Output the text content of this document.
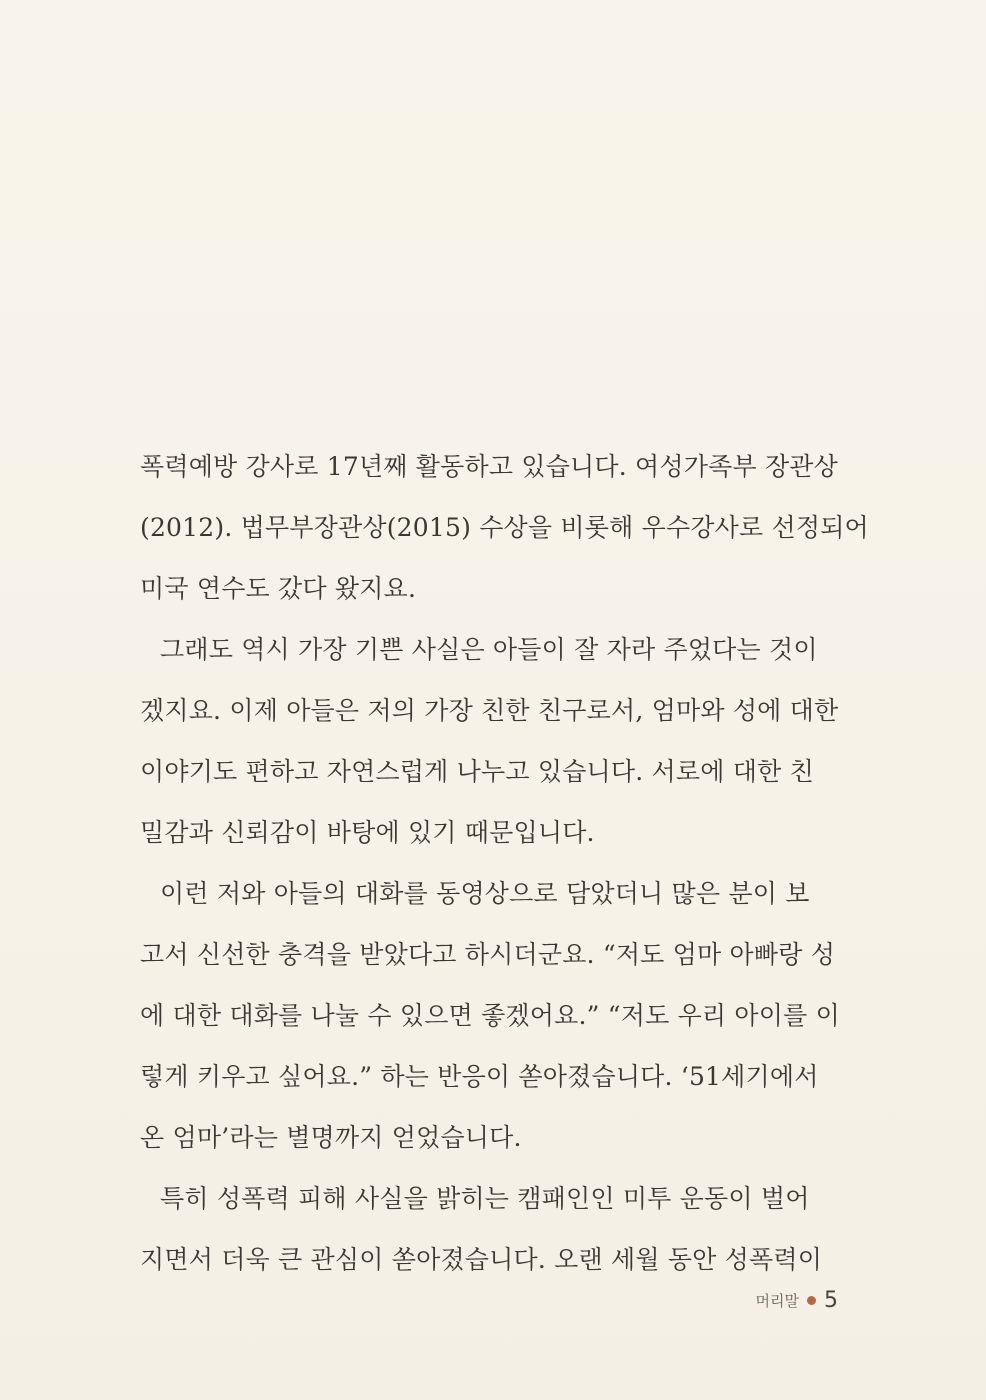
폭력예방 강사로 17년째 활동하고 있습니다. 여성가족부 장관상
(2012). 법무부장관상(2015) 수상을 비롯해 우수강사로 선정되어
미국 연수도 갔다 왔지요.
그래도 역시 가장 기쁜 사실은 아들이 잘 자라 주었다는 것이
겠지요. 이제 아들은 저의 가장 친한 친구로서, 엄마와 성에 대한
이야기도 편하고 자연스럽게 나누고 있습니다. 서로에 대한 친
밀감과 신뢰감이 바탕에 있기 때문입니다.
이런 저와 아들의 대화를 동영상으로 담았더니 많은 분이 보
고서 신선한 충격을 받았다고 하시더군요. “저도 엄마 아빠랑 성
에 대한 대화를 나눌 수 있으면 좋겠어요.” “저도 우리 아이를 이
렇게 키우고 싶어요.” 하는 반응이 쏟아졌습니다. ‘51세기에서
온 엄마’라는 별명까지 얻었습니다.
특히 성폭력 피해 사실을 밝히는 캠패인인 미투 운동이 벌어
지면서 더욱 큰 관심이 쏟아졌습니다. 오랜 세월 동안 성폭력이
머리말 5
